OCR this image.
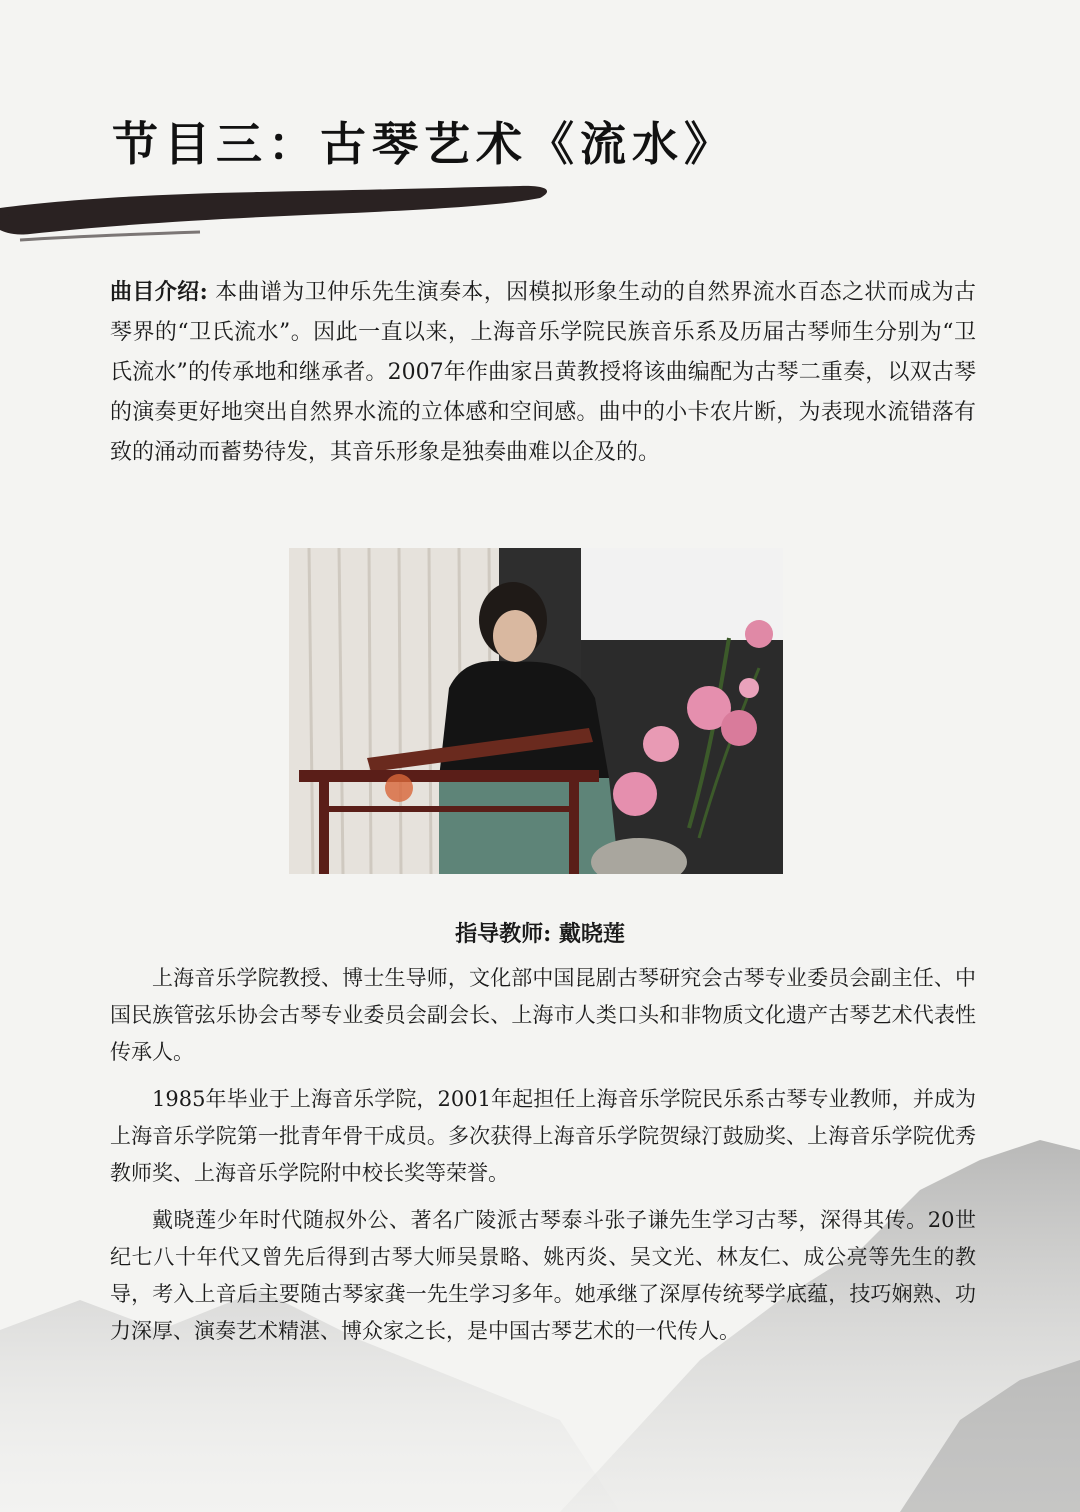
节目三：古琴艺术《流水》

曲目介绍: 本曲谱为卫仲乐先生演奏本，因模拟形象生动的自然界流水百态之状而成为古琴界的“卫氏流水”。因此一直以来，上海音乐学院民族音乐系及历届古琴师生分别为“卫氏流水”的传承地和继承者。2007年作曲家吕黄教授将该曲编配为古琴二重奏，以双古琴的演奏更好地突出自然界水流的立体感和空间感。曲中的小卡农片断，为表现水流错落有致的涌动而蓄势待发，其音乐形象是独奏曲难以企及的。

指导教师: 戴晓莲

上海音乐学院教授、博士生导师，文化部中国昆剧古琴研究会古琴专业委员会副主任、中国民族管弦乐协会古琴专业委员会副会长、上海市人类口头和非物质文化遗产古琴艺术代表性传承人。

1985年毕业于上海音乐学院，2001年起担任上海音乐学院民乐系古琴专业教师，并成为上海音乐学院第一批青年骨干成员。多次获得上海音乐学院贺绿汀鼓励奖、上海音乐学院优秀教师奖、上海音乐学院附中校长奖等荣誉。

戴晓莲少年时代随叔外公、著名广陵派古琴泰斗张子谦先生学习古琴，深得其传。20世纪七八十年代又曾先后得到古琴大师吴景略、姚丙炎、吴文光、林友仁、成公亮等先生的教导，考入上音后主要随古琴家龚一先生学习多年。她承继了深厚传统琴学底蕴，技巧娴熟、功力深厚、演奏艺术精湛、博众家之长，是中国古琴艺术的一代传人。
